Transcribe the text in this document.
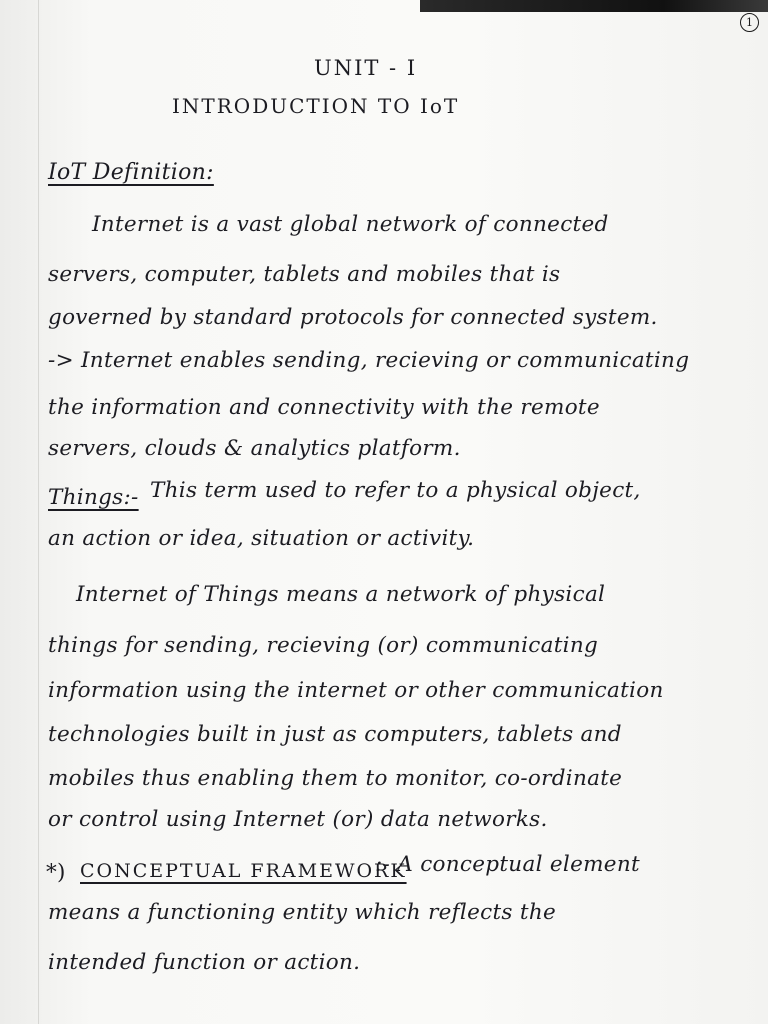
1
UNIT - I
INTRODUCTION TO IoT
IoT Definition:
Internet is a vast global network of connected
servers, computer, tablets and mobiles that is
governed by standard protocols for connected system.
-> Internet enables sending, recieving or communicating
the information and connectivity with the remote
servers, clouds & analytics platform.
Things:- This term used to refer to a physical object,
an action or idea, situation or activity.
Internet of Things means a network of physical
things for sending, recieving (or) communicating
information using the internet or other communication
technologies built in just as computers, tablets and
mobiles thus enabling them to monitor, co-ordinate
or control using Internet (or) data networks.
*) CONCEPTUAL FRAMEWORK
:- A conceptual element
means a functioning entity which reflects the
intended function or action.
